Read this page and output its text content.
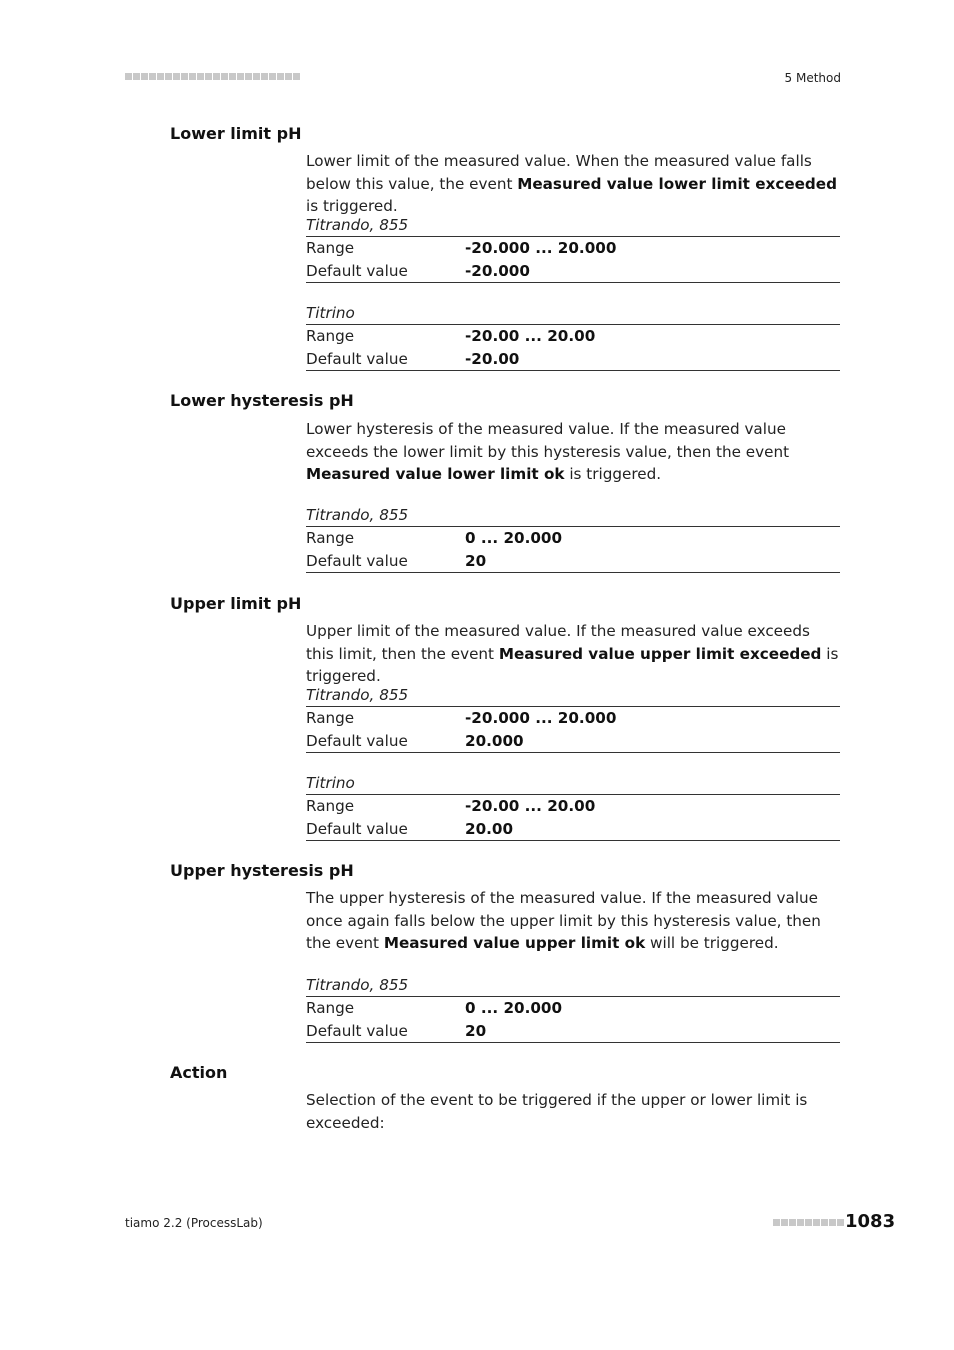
5 Method
Lower limit pH
Lower limit of the measured value. When the measured value falls below this value, the event Measured value lower limit exceeded is triggered.
Titrando, 855
Range	-20.000 ... 20.000
Default value	-20.000
Titrino
Range	-20.00 ... 20.00
Default value	-20.00
Lower hysteresis pH
Lower hysteresis of the measured value. If the measured value exceeds the lower limit by this hysteresis value, then the event Measured value lower limit ok is triggered.
Titrando, 855
Range	0 ... 20.000
Default value	20
Upper limit pH
Upper limit of the measured value. If the measured value exceeds this limit, then the event Measured value upper limit exceeded is triggered.
Titrando, 855
Range	-20.000 ... 20.000
Default value	20.000
Titrino
Range	-20.00 ... 20.00
Default value	20.00
Upper hysteresis pH
The upper hysteresis of the measured value. If the measured value once again falls below the upper limit by this hysteresis value, then the event Measured value upper limit ok will be triggered.
Titrando, 855
Range	0 ... 20.000
Default value	20
Action
Selection of the event to be triggered if the upper or lower limit is exceeded:
tiamo 2.2 (ProcessLab)	1083
